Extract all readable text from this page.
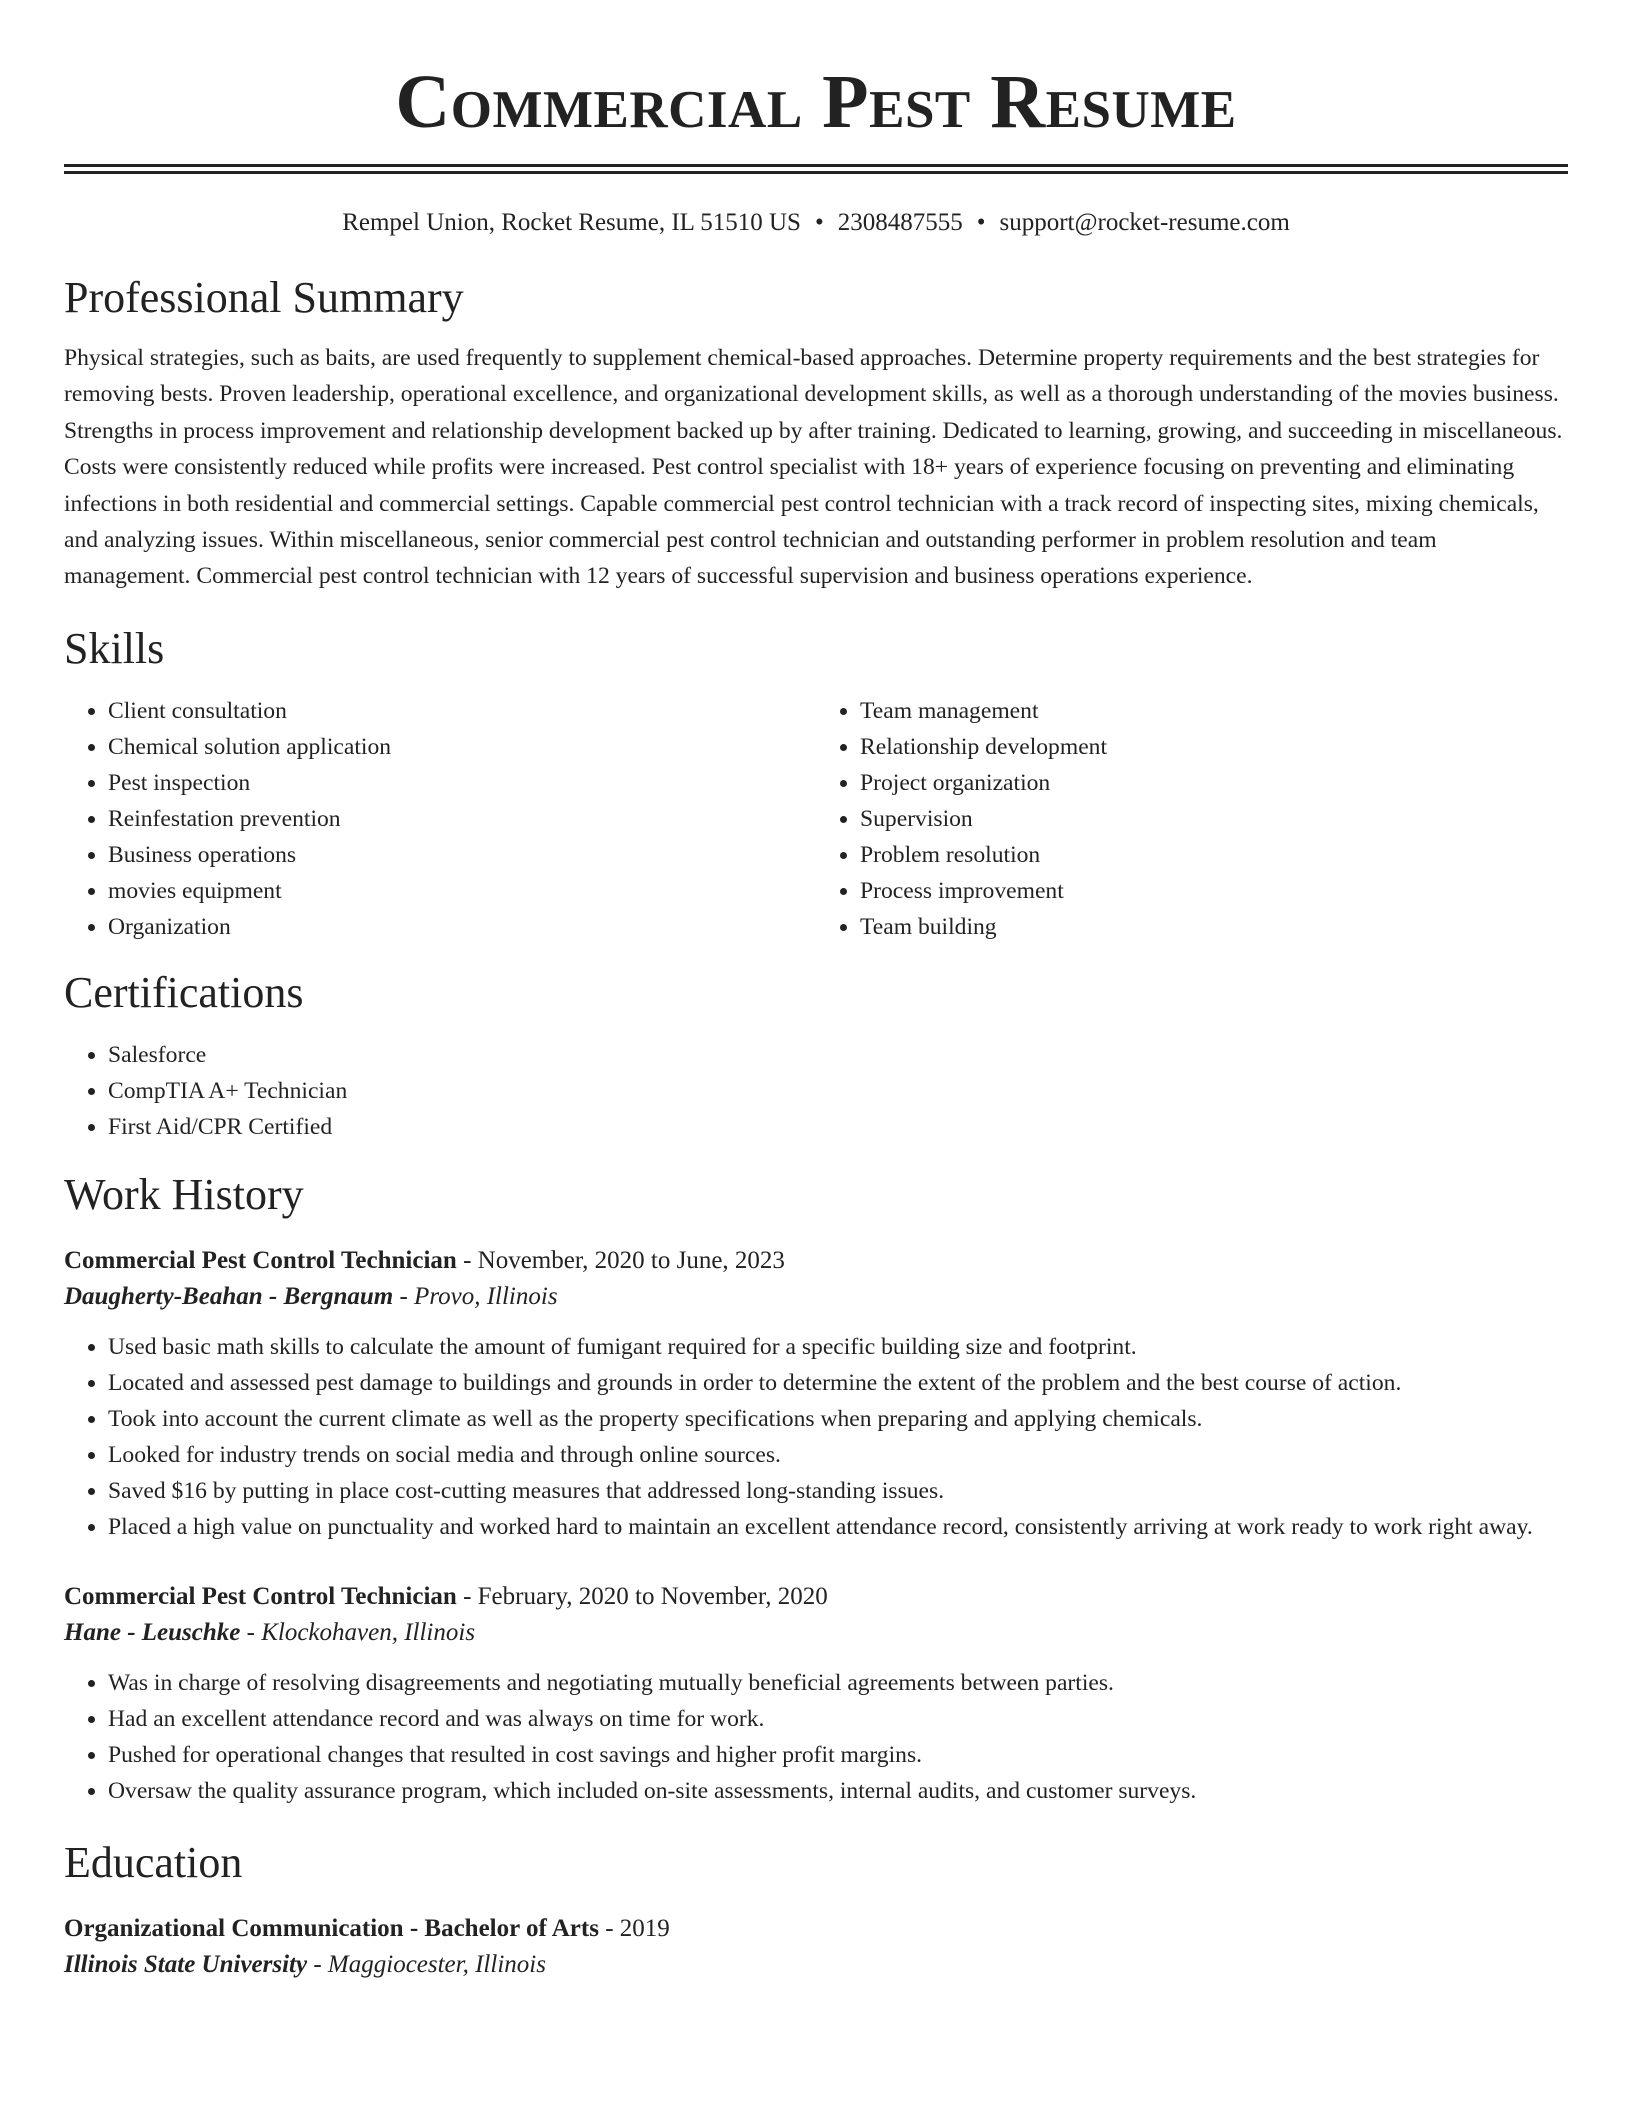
Commercial Pest Resume
Rempel Union, Rocket Resume, IL 51510 US • 2308487555 • support@rocket-resume.com
Professional Summary

Physical strategies, such as baits, are used frequently to supplement chemical-based approaches. Determine property requirements and the best strategies for removing bests. Proven leadership, operational excellence, and organizational development skills, as well as a thorough understanding of the movies business. Strengths in process improvement and relationship development backed up by after training. Dedicated to learning, growing, and succeeding in miscellaneous. Costs were consistently reduced while profits were increased. Pest control specialist with 18+ years of experience focusing on preventing and eliminating infections in both residential and commercial settings. Capable commercial pest control technician with a track record of inspecting sites, mixing chemicals, and analyzing issues. Within miscellaneous, senior commercial pest control technician and outstanding performer in problem resolution and team management. Commercial pest control technician with 12 years of successful supervision and business operations experience.

Skills
• Client consultation
• Chemical solution application
• Pest inspection
• Reinfestation prevention
• Business operations
• movies equipment
• Organization
• Team management
• Relationship development
• Project organization
• Supervision
• Problem resolution
• Process improvement
• Team building
Certifications
• Salesforce
• CompTIA A+ Technician
• First Aid/CPR Certified
Work History
Commercial Pest Control Technician - November, 2020 to June, 2023
Daugherty-Beahan - Bergnaum - Provo, Illinois
• Used basic math skills to calculate the amount of fumigant required for a specific building size and footprint.
• Located and assessed pest damage to buildings and grounds in order to determine the extent of the problem and the best course of action.
• Took into account the current climate as well as the property specifications when preparing and applying chemicals.
• Looked for industry trends on social media and through online sources.
• Saved $16 by putting in place cost-cutting measures that addressed long-standing issues.
• Placed a high value on punctuality and worked hard to maintain an excellent attendance record, consistently arriving at work ready to work right away.
Commercial Pest Control Technician - February, 2020 to November, 2020
Hane - Leuschke - Klockohaven, Illinois
• Was in charge of resolving disagreements and negotiating mutually beneficial agreements between parties.
• Had an excellent attendance record and was always on time for work.
• Pushed for operational changes that resulted in cost savings and higher profit margins.
• Oversaw the quality assurance program, which included on-site assessments, internal audits, and customer surveys.
Education
Organizational Communication - Bachelor of Arts - 2019
Illinois State University - Maggiocester, Illinois
